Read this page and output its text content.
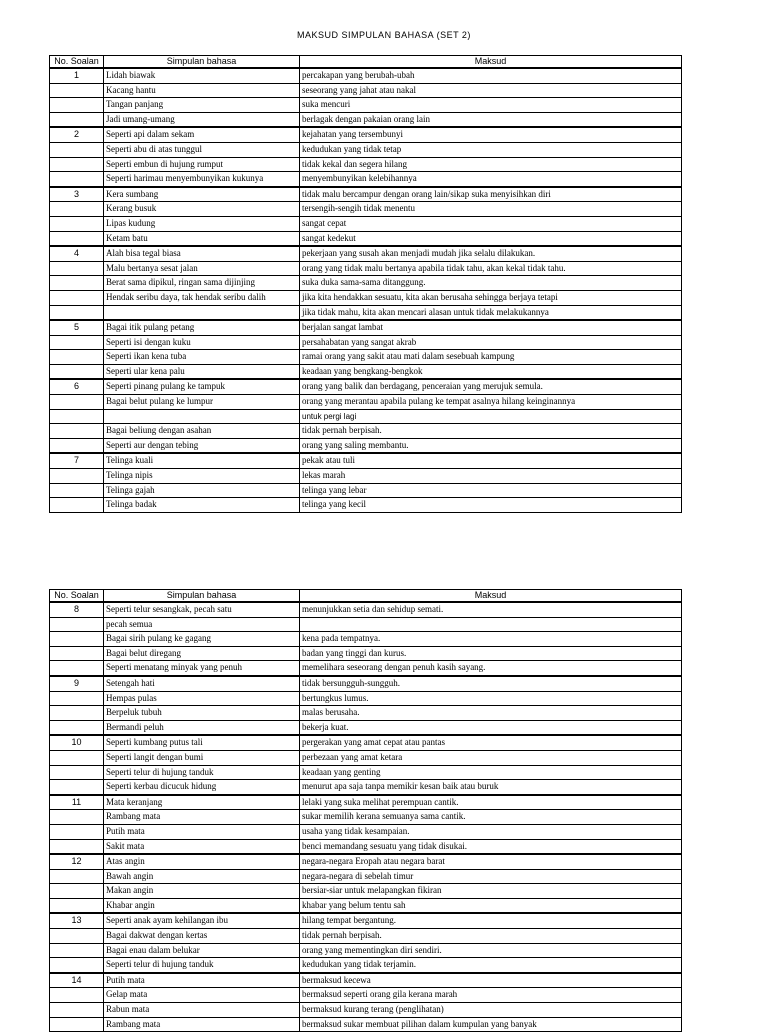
MAKSUD SIMPULAN BAHASA (SET 2)
No. Soalan	Simpulan bahasa	Maksud
1	Lidah biawak	percakapan yang berubah-ubah
	Kacang hantu	seseorang yang jahat atau nakal
	Tangan panjang	suka mencuri
	Jadi umang-umang	berlagak dengan pakaian orang lain
2	Seperti api dalam sekam	kejahatan yang tersembunyi
	Seperti abu di atas tunggul	kedudukan yang tidak tetap
	Seperti embun di hujung rumput	tidak kekal dan segera hilang
	Seperti harimau menyembunyikan kukunya	menyembunyikan kelebihannya
3	Kera sumbang	tidak malu bercampur dengan orang lain/sikap suka menyisihkan diri
	Kerang busuk	tersengih-sengih tidak menentu
	Lipas kudung	sangat cepat
	Ketam batu	sangat kedekut
4	Alah bisa tegal biasa	pekerjaan yang susah akan menjadi mudah jika selalu dilakukan.
	Malu bertanya sesat jalan	orang yang tidak malu bertanya apabila tidak tahu, akan kekal tidak tahu.
	Berat sama dipikul, ringan sama dijinjing	suka duka sama-sama ditanggung.
	Hendak seribu daya, tak hendak seribu dalih	jika kita hendakkan sesuatu, kita akan berusaha sehingga berjaya tetapi
		jika tidak mahu, kita akan mencari alasan untuk tidak melakukannya
5	Bagai itik pulang petang	berjalan sangat lambat
	Seperti isi dengan kuku	persahabatan yang sangat akrab
	Seperti ikan kena tuba	ramai orang yang sakit atau mati dalam sesebuah kampung
	Seperti ular kena palu	keadaan yang bengkang-bengkok
6	Seperti pinang pulang ke tampuk	orang yang balik dan berdagang, penceraian yang merujuk semula.
	Bagai belut pulang ke lumpur	orang yang merantau apabila pulang ke tempat asalnya hilang keinginannya
		untuk pergi lagi
	Bagai beliung dengan asahan	tidak pernah berpisah.
	Seperti aur dengan tebing	orang yang saling membantu.
7	Telinga kuali	pekak atau tuli
	Telinga nipis	lekas marah
	Telinga gajah	telinga yang lebar
	Telinga badak	telinga yang kecil
No. Soalan	Simpulan bahasa	Maksud
8	Seperti telur sesangkak, pecah satu	menunjukkan setia dan sehidup semati.
	pecah semua	
	Bagai sirih pulang ke gagang	kena pada tempatnya.
	Bagai belut diregang	badan yang tinggi dan kurus.
	Seperti menatang minyak yang penuh	memelihara seseorang dengan penuh kasih sayang.
9	Setengah hati	tidak bersungguh-sungguh.
	Hempas pulas	bertungkus lumus.
	Berpeluk tubuh	malas berusaha.
	Bermandi peluh	bekerja kuat.
10	Seperti kumbang putus tali	pergerakan yang amat cepat atau pantas
	Seperti langit dengan bumi	perbezaan yang amat ketara
	Seperti telur di hujung tanduk	keadaan yang genting
	Seperti kerbau dicucuk hidung	menurut apa saja tanpa memikir kesan baik atau buruk
11	Mata keranjang	lelaki yang suka melihat perempuan cantik.
	Rambang mata	sukar memilih kerana semuanya sama cantik.
	Putih mata	usaha yang tidak kesampaian.
	Sakit mata	benci memandang sesuatu yang tidak disukai.
12	Atas angin	negara-negara Eropah atau negara barat
	Bawah angin	negara-negara di sebelah timur
	Makan angin	bersiar-siar untuk melapangkan fikiran
	Khabar angin	khabar yang belum tentu sah
13	Seperti anak ayam kehilangan ibu	hilang tempat bergantung.
	Bagai dakwat dengan kertas	tidak pernah berpisah.
	Bagai enau dalam belukar	orang yang mementingkan diri sendiri.
	Seperti telur di hujung tanduk	kedudukan yang tidak terjamin.
14	Putih mata	bermaksud kecewa
	Gelap mata	bermaksud seperti orang gila kerana marah
	Rabun mata	bermaksud kurang terang (penglihatan)
	Rambang mata	bermaksud sukar membuat pilihan dalam kumpulan yang banyak
